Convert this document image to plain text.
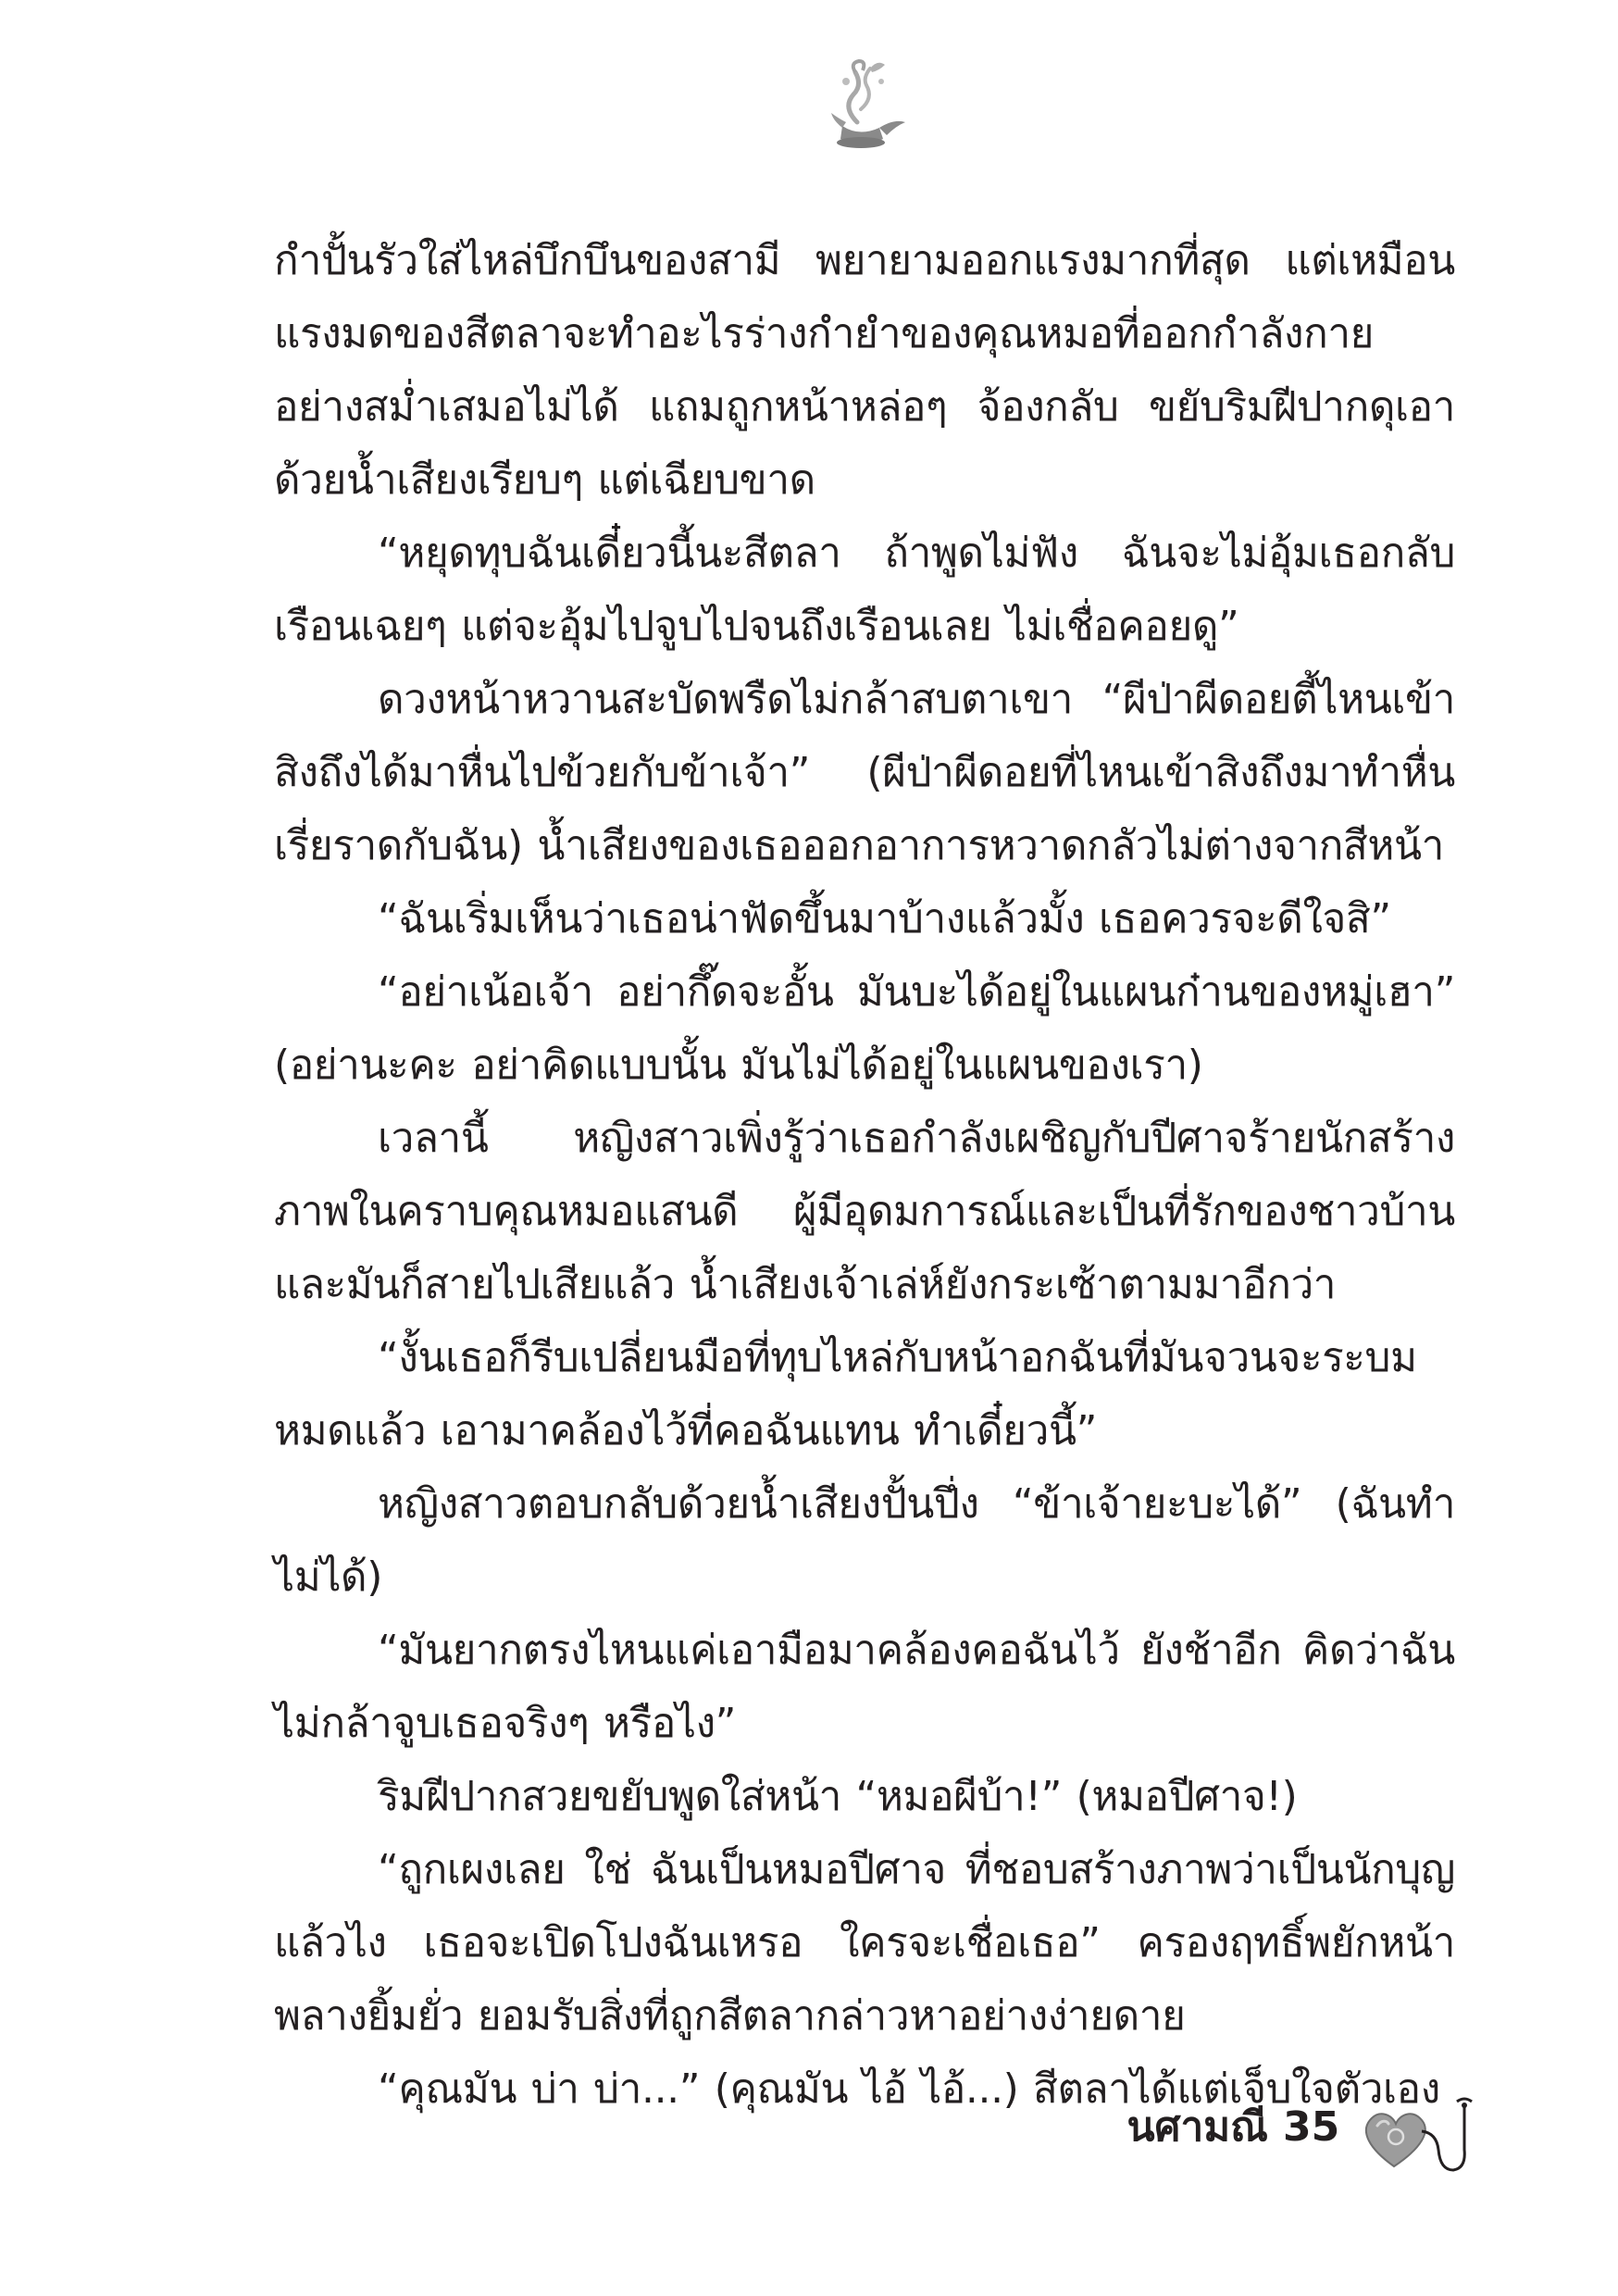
กำปั้นรัวใส่ไหล่บึกบึนของสามี พยายามออกแรงมากที่สุด แต่เหมือนแรงมดของสีตลาจะทำอะไรร่างกำยำของคุณหมอที่ออกกำลังกายอย่างสม่ำเสมอไม่ได้ แถมถูกหน้าหล่อๆ จ้องกลับ ขยับริมฝีปากดุเอาด้วยน้ำเสียงเรียบๆ แต่เฉียบขาด

“หยุดทุบฉันเดี๋ยวนี้นะสีตลา ถ้าพูดไม่ฟัง ฉันจะไม่อุ้มเธอกลับเรือนเฉยๆ แต่จะอุ้มไปจูบไปจนถึงเรือนเลย ไม่เชื่อคอยดู”

ดวงหน้าหวานสะบัดพรืดไม่กล้าสบตาเขา “ผีป่าผีดอยตี้ไหนเข้าสิงถึงได้มาหื่นไปข้วยกับข้าเจ้า” (ผีป่าผีดอยที่ไหนเข้าสิงถึงมาทำหื่นเรี่ยราดกับฉัน) น้ำเสียงของเธอออกอาการหวาดกลัวไม่ต่างจากสีหน้า

“ฉันเริ่มเห็นว่าเธอน่าฟัดขึ้นมาบ้างแล้วมั้ง เธอควรจะดีใจสิ”

“อย่าเน้อเจ้า อย่ากึ๊ดจะอั้น มันบะได้อยู่ในแผนก๋านของหมู่เฮา” (อย่านะคะ อย่าคิดแบบนั้น มันไม่ได้อยู่ในแผนของเรา)

เวลานี้ หญิงสาวเพิ่งรู้ว่าเธอกำลังเผชิญกับปีศาจร้ายนักสร้างภาพในคราบคุณหมอแสนดี ผู้มีอุดมการณ์และเป็นที่รักของชาวบ้าน และมันก็สายไปเสียแล้ว น้ำเสียงเจ้าเล่ห์ยังกระเซ้าตามมาอีกว่า

“งั้นเธอก็รีบเปลี่ยนมือที่ทุบไหล่กับหน้าอกฉันที่มันจวนจะระบมหมดแล้ว เอามาคล้องไว้ที่คอฉันแทน ทำเดี๋ยวนี้”

หญิงสาวตอบกลับด้วยน้ำเสียงปั้นปึ่ง “ข้าเจ้ายะบะได้” (ฉันทำไม่ได้)

“มันยากตรงไหนแค่เอามือมาคล้องคอฉันไว้ ยังช้าอีก คิดว่าฉันไม่กล้าจูบเธอจริงๆ หรือไง”

ริมฝีปากสวยขยับพูดใส่หน้า “หมอผีบ้า!” (หมอปีศาจ!)

“ถูกเผงเลย ใช่ ฉันเป็นหมอปีศาจ ที่ชอบสร้างภาพว่าเป็นนักบุญแล้วไง เธอจะเปิดโปงฉันเหรอ ใครจะเชื่อเธอ” ครองฤทธิ์พยักหน้าพลางยิ้มยั่ว ยอมรับสิ่งที่ถูกสีตลากล่าวหาอย่างง่ายดาย

“คุณมัน บ่า บ่า...” (คุณมัน ไอ้ ไอ้...) สีตลาได้แต่เจ็บใจตัวเอง

นศามณี 35
